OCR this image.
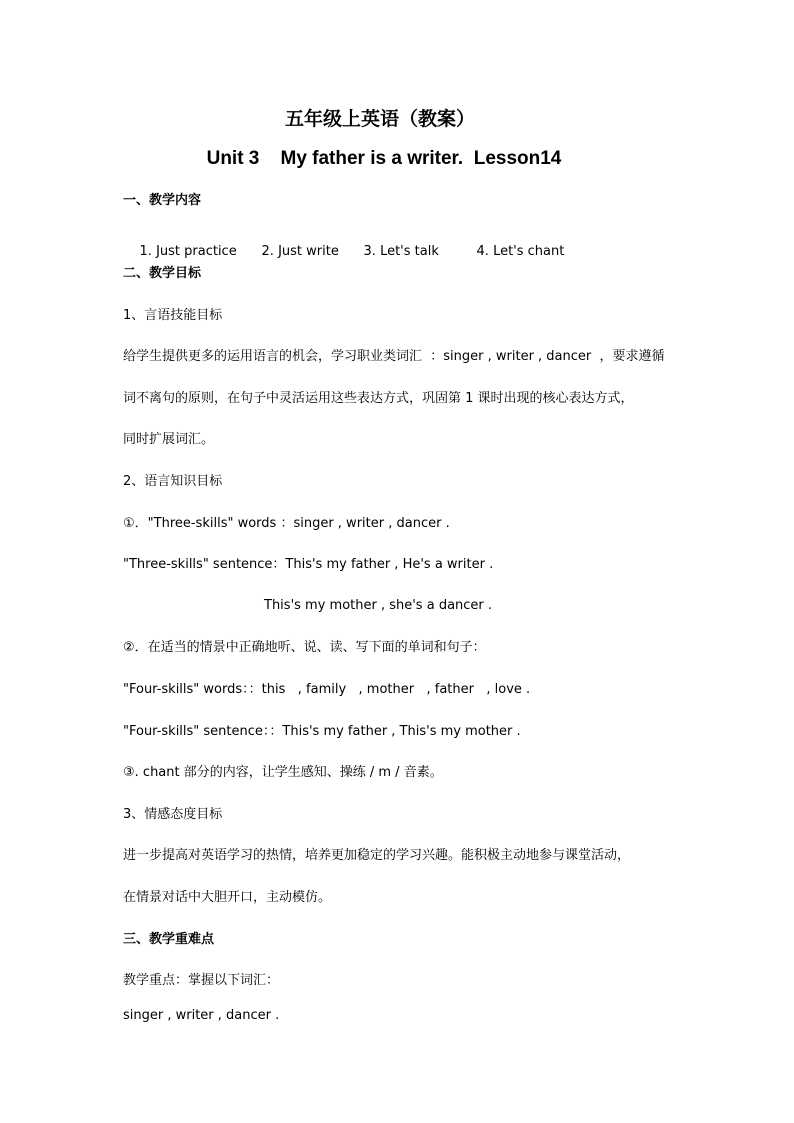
五年级上英语（教案）
Unit 3    My father is a writer.  Lesson14
一、教学内容

1. Just practice 2. Just write 3. Let's talk	4. Let's chant

二、教学目标
1、言语技能目标
给学生提供更多的运用语言的机会，学习职业类词汇  ：singer , writer , dancer  ，要求遵循
词不离句的原则，在句子中灵活运用这些表达方式，巩固第 1 课时出现的核心表达方式，
同时扩展词汇。
2、语言知识目标
①．"Three-skills" words ：singer , writer , dancer .
"Three-skills" sentence：This's my father , He's a writer .
This's my mother , she's a dancer .
②．在适当的情景中正确地听、说、读、写下面的单词和句子：
"Four-skills" words：：this   , family   , mother   , father   , love .
"Four-skills" sentence：：This's my father , This's my mother .
③. chant 部分的内容，让学生感知、操练 / m / 音素。
3、情感态度目标
进一步提高对英语学习的热情，培养更加稳定的学习兴趣。能积极主动地参与课堂活动，
在情景对话中大胆开口，主动模仿。
三、教学重难点
教学重点：掌握以下词汇：
singer , writer , dancer .
